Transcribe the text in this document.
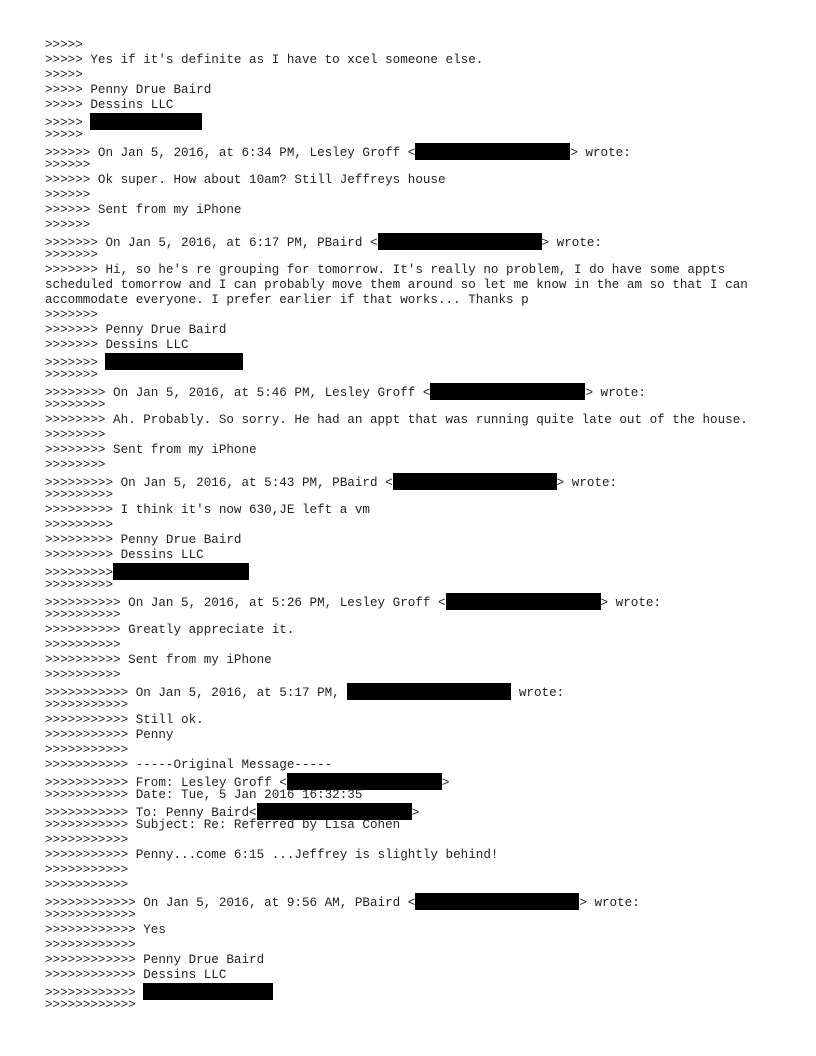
>>>>>
>>>>> Yes if it's definite as I have to xcel someone else.
>>>>>
>>>>> Penny Drue Baird
>>>>> Dessins LLC
>>>>>
>>>>>
>>>>>> On Jan 5, 2016, at 6:34 PM, Lesley Groff <	> wrote:
>>>>>>
>>>>>> Ok super. How about 10am? Still Jeffreys house
>>>>>>
>>>>>> Sent from my iPhone
>>>>>>
>>>>>>> On Jan 5, 2016, at 6:17 PM, PBaird <	> wrote:
>>>>>>>
>>>>>>> Hi, so he's re grouping for tomorrow. It's really no problem, I do have some appts scheduled tomorrow and I can probably move them around so let me know in the am so that I can accommodate everyone. I prefer earlier if that works... Thanks p
>>>>>>>
>>>>>>> Penny Drue Baird
>>>>>>> Dessins LLC
>>>>>>>
>>>>>>>
>>>>>>>> On Jan 5, 2016, at 5:46 PM, Lesley Groff <	> wrote:
>>>>>>>>
>>>>>>>> Ah. Probably. So sorry. He had an appt that was running quite late out of the house.
>>>>>>>>
>>>>>>>> Sent from my iPhone
>>>>>>>>
>>>>>>>>> On Jan 5, 2016, at 5:43 PM, PBaird <	> wrote:
>>>>>>>>>
>>>>>>>>> I think it's now 630,JE left a vm
>>>>>>>>>
>>>>>>>>> Penny Drue Baird
>>>>>>>>> Dessins LLC
>>>>>>>>>
>>>>>>>>>
>>>>>>>>>> On Jan 5, 2016, at 5:26 PM, Lesley Groff <	> wrote:
>>>>>>>>>>
>>>>>>>>>> Greatly appreciate it.
>>>>>>>>>>
>>>>>>>>>> Sent from my iPhone
>>>>>>>>>>
>>>>>>>>>>> On Jan 5, 2016, at 5:17 PM,	wrote:
>>>>>>>>>>>
>>>>>>>>>>> Still ok.
>>>>>>>>>>> Penny
>>>>>>>>>>>
>>>>>>>>>>> -----Original Message-----
>>>>>>>>>>> From: Lesley Groff <	>
>>>>>>>>>>> Date: Tue, 5 Jan 2016 16:32:35
>>>>>>>>>>> To: Penny Baird<	>
>>>>>>>>>>> Subject: Re: Referred by Lisa Cohen
>>>>>>>>>>>
>>>>>>>>>>> Penny...come 6:15 ...Jeffrey is slightly behind!
>>>>>>>>>>>
>>>>>>>>>>>
>>>>>>>>>>>> On Jan 5, 2016, at 9:56 AM, PBaird <	> wrote:
>>>>>>>>>>>>
>>>>>>>>>>>> Yes
>>>>>>>>>>>>
>>>>>>>>>>>> Penny Drue Baird
>>>>>>>>>>>> Dessins LLC
>>>>>>>>>>>>
>>>>>>>>>>>>
